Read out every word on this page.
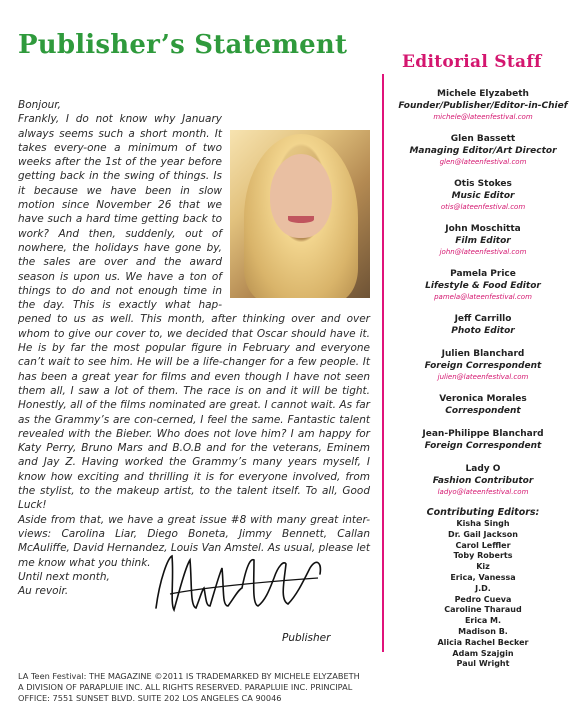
Publisher’s Statement
Editorial Staff

Bonjour,

Frankly, I do not know why January always seems such a short month. It takes every-one a minimum of two weeks after the 1st of the year before getting back in the swing of things. Is it because we have been in slow motion since November 26 that we have such a hard time getting back to work? And then, suddenly, out of nowhere, the holidays have gone by, the sales are over and the award season is upon us. We have a ton of things to do and not enough time in the day. This is exactly what hap-pened to us as well. This month, after thinking over and over whom to give our cover to, we decided that Oscar should have it. He is by far the most popular figure in February and everyone can’t wait to see him. He will be a life-changer for a few people. It has been a great year for films and even though I have not seen them all, I saw a lot of them. The race is on and it will be tight. Honestly, all of the films nominated are great. I cannot wait. As far as the Grammy’s are con-cerned, I feel the same. Fantastic talent revealed with the Bieber. Who does not love him? I am happy for Katy Perry, Bruno Mars and B.O.B and for the veterans, Eminem and Jay Z. Having worked the Grammy’s many years myself, I know how exciting and thrilling it is for everyone involved, from the stylist, to the makeup artist, to the talent itself. To all, Good Luck!

Aside from that, we have a great issue #8 with many great inter-views: Carolina Liar, Diego Boneta, Jimmy Bennett, Callan McAuliffe, David Hernandez, Louis Van Amstel. As usual, please let me know what you think.

Until next month,

Au revoir.

Publisher
LA Teen Festival: THE MAGAZINE ©2011 IS TRADEMARKED BY MICHELE ELYZABETH
A DIVISION OF PARAPLUIE INC. ALL RIGHTS RESERVED. PARAPLUIE INC. PRINCIPAL
OFFICE: 7551 SUNSET BLVD. SUITE 202 LOS ANGELES CA 90046
Michele Elyzabeth
Founder/Publisher/Editor-in-Chief
michele@lateenfestival.com
Glen Bassett
Managing Editor/Art Director
glen@lateenfestival.com
Otis Stokes
Music Editor
otis@lateenfestival.com
John Moschitta
Film Editor
john@lateenfestival.com
Pamela Price
Lifestyle & Food Editor
pamela@lateenfestival.com
Jeff Carrillo
Photo Editor
Julien Blanchard
Foreign Correspondent
julien@lateenfestival.com
Veronica Morales
Correspondent
Jean-Philippe Blanchard
Foreign Correspondent
Lady O
Fashion Contributor
ladyo@lateenfestival.com
Contributing Editors:
Kisha Singh
Dr. Gail Jackson
Carol Leffler
Toby Roberts
Kiz
Erica, Vanessa
J.D.
Pedro Cueva
Caroline Tharaud
Erica M.
Madison B.
Alicia Rachel Becker
Adam Szajgin
Paul Wright
